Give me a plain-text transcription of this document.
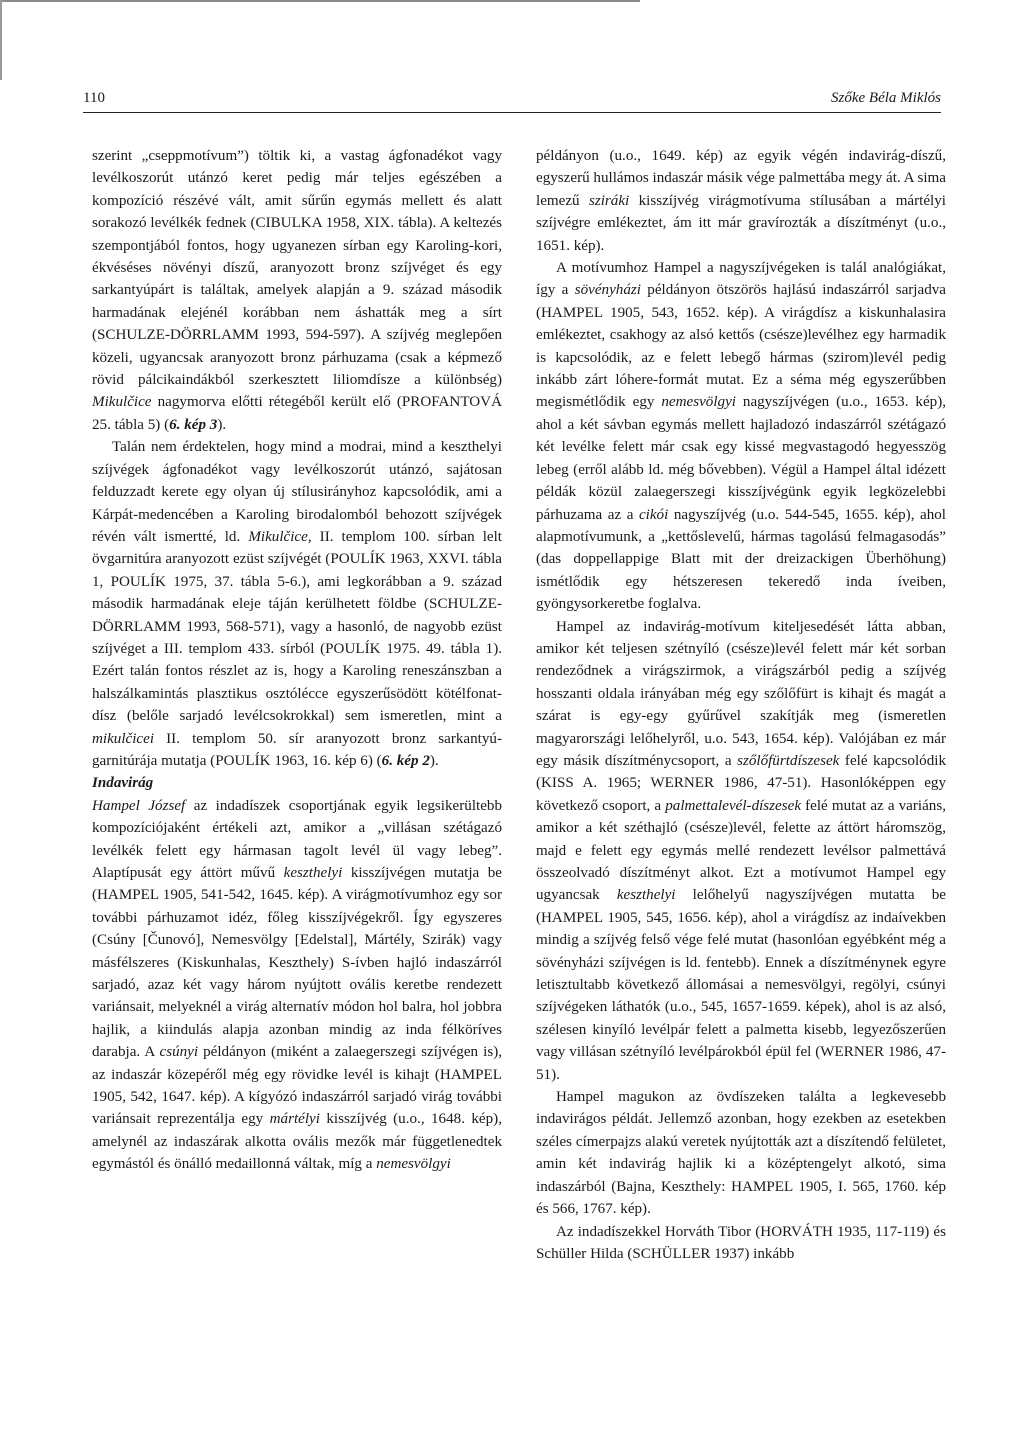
110	Szőke Béla Miklós

szerint „cseppmotívum”) töltik ki, a vastag ágfonadékot vagy levélkoszorút utánzó keret pedig már teljes egészében a kompozíció részévé vált, amit sűrűn egymás mellett és alatt sorakozó levélkék fednek (CIBULKA 1958, XIX. tábla). A keltezés szempontjából fontos, hogy ugyanezen sírban egy Karoling-kori, ékvéséses növényi díszű, aranyozott bronz szíjvéget és egy sarkantyúpárt is találtak, amelyek alapján a 9. század második harmadának elejénél korábban nem áshatták meg a sírt (SCHULZE-DÖRRLAMM 1993, 594-597). A szíjvég meglepően közeli, ugyancsak aranyozott bronz párhuzama (csak a képmező rövid pálcikaindákból szerkesztett liliomdísze a különbség) Mikulčice nagymorva előtti rétegéből került elő (PROFANTOVÁ 25. tábla 5) (6. kép 3).

Talán nem érdektelen, hogy mind a modrai, mind a keszthelyi szíjvégek ágfonadékot vagy levélkoszorút utánzó, sajátosan felduzzadt kerete egy olyan új stílusirányhoz kapcsolódik, ami a Kárpát-medencében a Karoling birodalomból behozott szíjvégek révén vált ismertté, ld. Mikulčice, II. templom 100. sírban lelt övgarnitúra aranyozott ezüst szíjvégét (POULÍK 1963, XXVI. tábla 1, POULÍK 1975, 37. tábla 5-6.), ami legkorábban a 9. század második harmadának eleje táján kerülhetett földbe (SCHULZE-DÖRRLAMM 1993, 568-571), vagy a hasonló, de nagyobb ezüst szíjvéget a III. templom 433. sírból (POULÍK 1975. 49. tábla 1). Ezért talán fontos részlet az is, hogy a Karoling reneszánszban a halszálkamintás plasztikus osztólécce egyszerűsödött kötélfonat-dísz (belőle sarjadó levélcsokrokkal) sem ismeretlen, mint a mikulčicei II. templom 50. sír aranyozott bronz sarkantyú-garnitúrája mutatja (POULÍK 1963, 16. kép 6) (6. kép 2).

Indavirág

Hampel József az indadíszek csoportjának egyik legsikerültebb kompozíciójaként értékeli azt, amikor a „villásan szétágazó levélkék felett egy hármasan tagolt levél ül vagy lebeg”. Alaptípusát egy áttört művű keszthelyi kisszíjvégen mutatja be (HAMPEL 1905, 541-542, 1645. kép). A virágmotívumhoz egy sor további párhuzamot idéz, főleg kisszíjvégekről. Így egyszeres (Csúny [Čunovó], Nemesvölgy [Edelstal], Mártély, Szirák) vagy másfélszeres (Kiskunhalas, Keszthely) S-ívben hajló indaszárról sarjadó, azaz két vagy három nyújtott ovális keretbe rendezett variánsait, melyeknél a virág alternatív módon hol balra, hol jobbra hajlik, a kiindulás alapja azonban mindig az inda félköríves darabja. A csúnyi példányon (miként a zalaegerszegi szíjvégen is), az indaszár közepéről még egy rövidke levél is kihajt (HAMPEL 1905, 542, 1647. kép). A kígyózó indaszárról sarjadó virág további variánsait reprezentálja egy mártélyi kisszíjvég (u.o., 1648. kép), amelynél az indaszárak alkotta ovális mezők már függetlenedtek egymástól és önálló medaillonná váltak, míg a nemesvölgyi

példányon (u.o., 1649. kép) az egyik végén indavirág-díszű, egyszerű hullámos indaszár másik vége palmettába megy át. A sima lemezű sziráki kisszíjvég virágmotívuma stílusában a mártélyi szíjvégre emlékeztet, ám itt már gravírozták a díszítményt (u.o., 1651. kép).

A motívumhoz Hampel a nagyszíjvégeken is talál analógiákat, így a sövényházi példányon ötszörös hajlású indaszárról sarjadva (HAMPEL 1905, 543, 1652. kép). A virágdísz a kiskunhalasira emlékeztet, csakhogy az alsó kettős (csésze)levélhez egy harmadik is kapcsolódik, az e felett lebegő hármas (szirom)levél pedig inkább zárt lóhere-formát mutat. Ez a séma még egyszerűbben megismétlődik egy nemesvölgyi nagyszíjvégen (u.o., 1653. kép), ahol a két sávban egymás mellett hajladozó indaszárról szétágazó két levélke felett már csak egy kissé megvastagodó hegyesszög lebeg (erről alább ld. még bővebben). Végül a Hampel által idézett példák közül zalaegerszegi kisszíjvégünk egyik legközelebbi párhuzama az a cikói nagyszíjvég (u.o. 544-545, 1655. kép), ahol alapmotívumunk, a „kettőslevelű, hármas tagolású felmagasodás” (das doppellappige Blatt mit der dreizackigen Überhöhung) ismétlődik egy hétszeresen tekeredő inda íveiben, gyöngysorkeretbe foglalva.

Hampel az indavirág-motívum kiteljesedését látta abban, amikor két teljesen szétnyíló (csésze)levél felett már két sorban rendeződnek a virágszirmok, a virágszárból pedig a szíjvég hosszanti oldala irányában még egy szőlőfürt is kihajt és magát a szárat is egy-egy gyűrűvel szakítják meg (ismeretlen magyarországi lelőhelyről, u.o. 543, 1654. kép). Valójában ez már egy másik díszítménycsoport, a szőlőfürtdíszesek felé kapcsolódik (KISS A. 1965; WERNER 1986, 47-51). Hasonlóképpen egy következő csoport, a palmettalevél-díszesek felé mutat az a variáns, amikor a két széthajló (csésze)levél, felette az áttört háromszög, majd e felett egy egymás mellé rendezett levélsor palmettává összeolvadó díszítményt alkot. Ezt a motívumot Hampel egy ugyancsak keszthelyi lelőhelyű nagyszíjvégen mutatta be (HAMPEL 1905, 545, 1656. kép), ahol a virágdísz az indaívekben mindig a szíjvég felső vége felé mutat (hasonlóan egyébként még a sövényházi szíjvégen is ld. fentebb). Ennek a díszítménynek egyre letisztultabb következő állomásai a nemesvölgyi, regölyi, csúnyi szíjvégeken láthatók (u.o., 545, 1657-1659. képek), ahol is az alsó, szélesen kinyíló levélpár felett a palmetta kisebb, legyezőszerűen vagy villásan szétnyíló levélpárokból épül fel (WERNER 1986, 47-51).

Hampel magukon az övdíszeken találta a legkevesebb indavirágos példát. Jellemző azonban, hogy ezekben az esetekben széles címerpajzs alakú veretek nyújtották azt a díszítendő felületet, amin két indavirág hajlik ki a középtengelyt alkotó, sima indaszárból (Bajna, Keszthely: HAMPEL 1905, I. 565, 1760. kép és 566, 1767. kép).

Az indadíszekkel Horváth Tibor (HORVÁTH 1935, 117-119) és Schüller Hilda (SCHÜLLER 1937) inkább
